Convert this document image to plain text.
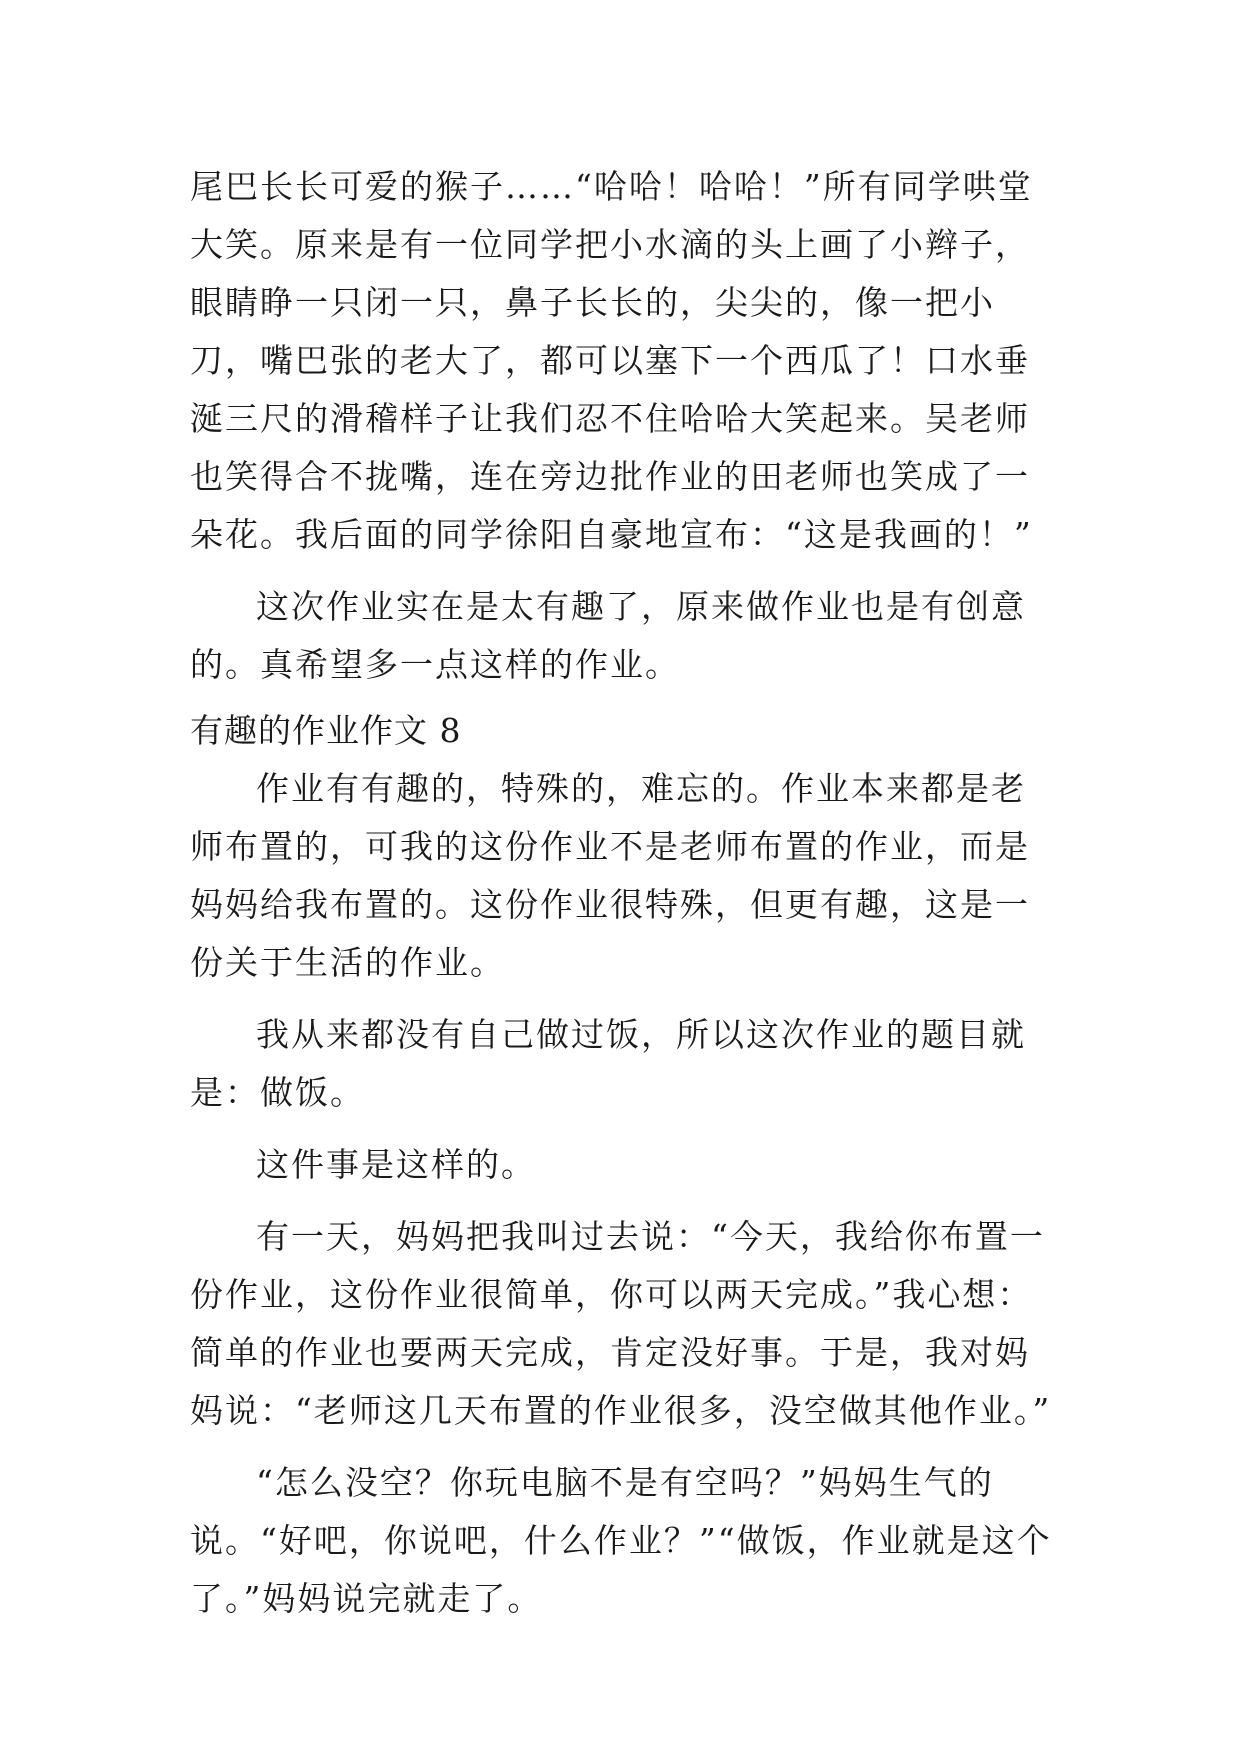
尾巴长长可爱的猴子……“哈哈！哈哈！”所有同学哄堂大笑。原来是有一位同学把小水滴的头上画了小辫子，眼睛睁一只闭一只，鼻子长长的，尖尖的，像一把小刀，嘴巴张的老大了，都可以塞下一个西瓜了！口水垂涎三尺的滑稽样子让我们忍不住哈哈大笑起来。吴老师也笑得合不拢嘴，连在旁边批作业的田老师也笑成了一朵花。我后面的同学徐阳自豪地宣布：“这是我画的！”

这次作业实在是太有趣了，原来做作业也是有创意的。真希望多一点这样的作业。

有趣的作业作文 8

作业有有趣的，特殊的，难忘的。作业本来都是老师布置的，可我的这份作业不是老师布置的作业，而是妈妈给我布置的。这份作业很特殊，但更有趣，这是一份关于生活的作业。

我从来都没有自己做过饭，所以这次作业的题目就是：做饭。

这件事是这样的。

有一天，妈妈把我叫过去说：“今天，我给你布置一份作业，这份作业很简单，你可以两天完成。”我心想：简单的作业也要两天完成，肯定没好事。于是，我对妈妈说：“老师这几天布置的作业很多，没空做其他作业。”

“怎么没空？你玩电脑不是有空吗？”妈妈生气的说。“好吧，你说吧，什么作业？”“做饭，作业就是这个了。”妈妈说完就走了。
